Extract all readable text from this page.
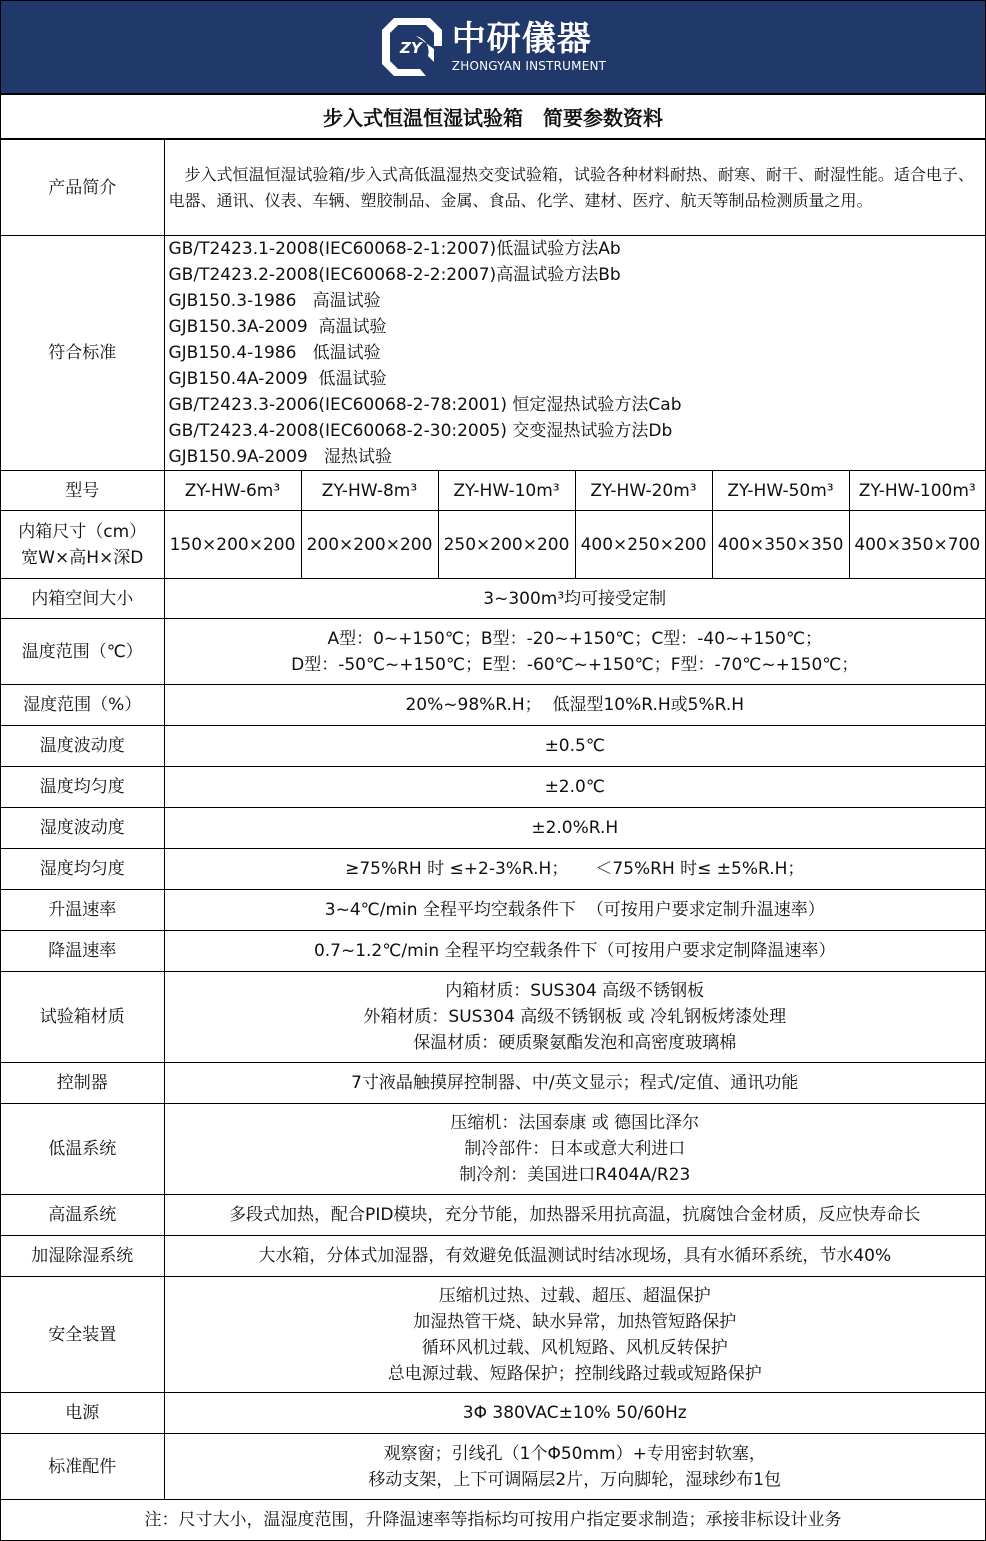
ZY 中研儀器
ZHONGYAN INSTRUMENT
步入式恒温恒湿试验箱　简要参数资料
产品简介	　步入式恒温恒湿试验箱/步入式高低温湿热交变试验箱，试验各种材料耐热、耐寒、耐干、耐湿性能。适合电子、电器、通讯、仪表、车辆、塑胶制品、金属、食品、化学、建材、医疗、航天等制品检测质量之用。					
符合标准	
GB/T2423.1-2008(IEC60068-2-1:2007)低温试验方法Ab
GB/T2423.2-2008(IEC60068-2-2:2007)高温试验方法Bb
GJB150.3-1986   高温试验
GJB150.3A-2009  高温试验
GJB150.4-1986   低温试验
GJB150.4A-2009  低温试验
GB/T2423.3-2006(IEC60068-2-78:2001) 恒定湿热试验方法Cab
GB/T2423.4-2008(IEC60068-2-30:2005) 交变湿热试验方法Db
GJB150.9A-2009   湿热试验

型号	ZY-HW-6m³	ZY-HW-8m³	ZY-HW-10m³	ZY-HW-20m³	ZY-HW-50m³	ZY-HW-100m³

内箱尺寸（cm）
宽W×高H×深D	150×200×200	200×200×200	250×200×200	400×250×200	400×350×350	400×350×700
内箱空间大小	3~300m³均可接受定制					
温度范围（℃）	A型：0~+150℃；B型：-20~+150℃；C型：-40~+150℃；
D型：-50℃~+150℃；E型：-60℃~+150℃；F型：-70℃~+150℃；					

湿度范围（%）	20%~98%R.H；  低湿型10%R.H或5%R.H					
温度波动度	±0.5℃					
温度均匀度	±2.0℃					
湿度波动度	±2.0%R.H					
湿度均匀度	≥75%RH 时 ≤+2-3%R.H；     ＜75%RH 时≤ ±5%R.H；					
升温速率	3~4℃/min 全程平均空载条件下  （可按用户要求定制升温速率）					
降温速率	0.7~1.2℃/min 全程平均空载条件下（可按用户要求定制降温速率）					
试验箱材质	内箱材质：SUS304 高级不锈钢板
外箱材质：SUS304 高级不锈钢板 或 冷轧钢板烤漆处理
保温材质：硬质聚氨酯发泡和高密度玻璃棉					

控制器	7寸液晶触摸屏控制器、中/英文显示；程式/定值、通讯功能					
低温系统	压缩机：法国泰康 或 德国比泽尔
制冷部件：日本或意大利进口
制冷剂：美国进口R404A/R23					

高温系统	多段式加热，配合PID模块，充分节能，加热器采用抗高温，抗腐蚀合金材质，反应快寿命长					
加湿除湿系统	大水箱，分体式加湿器，有效避免低温测试时结冰现场，具有水循环系统，节水40%					
安全装置	压缩机过热、过载、超压、超温保护
加湿热管干烧、缺水异常，加热管短路保护
循环风机过载、风机短路、风机反转保护
总电源过载、短路保护；控制线路过载或短路保护					

电源	3Φ 380VAC±10% 50/60Hz					
标准配件	观察窗；引线孔（1个Φ50mm）+专用密封软塞，
移动支架，上下可调隔层2片，万向脚轮，湿球纱布1包					

注：尺寸大小，温湿度范围，升降温速率等指标均可按用户指定要求制造；承接非标设计业务						
